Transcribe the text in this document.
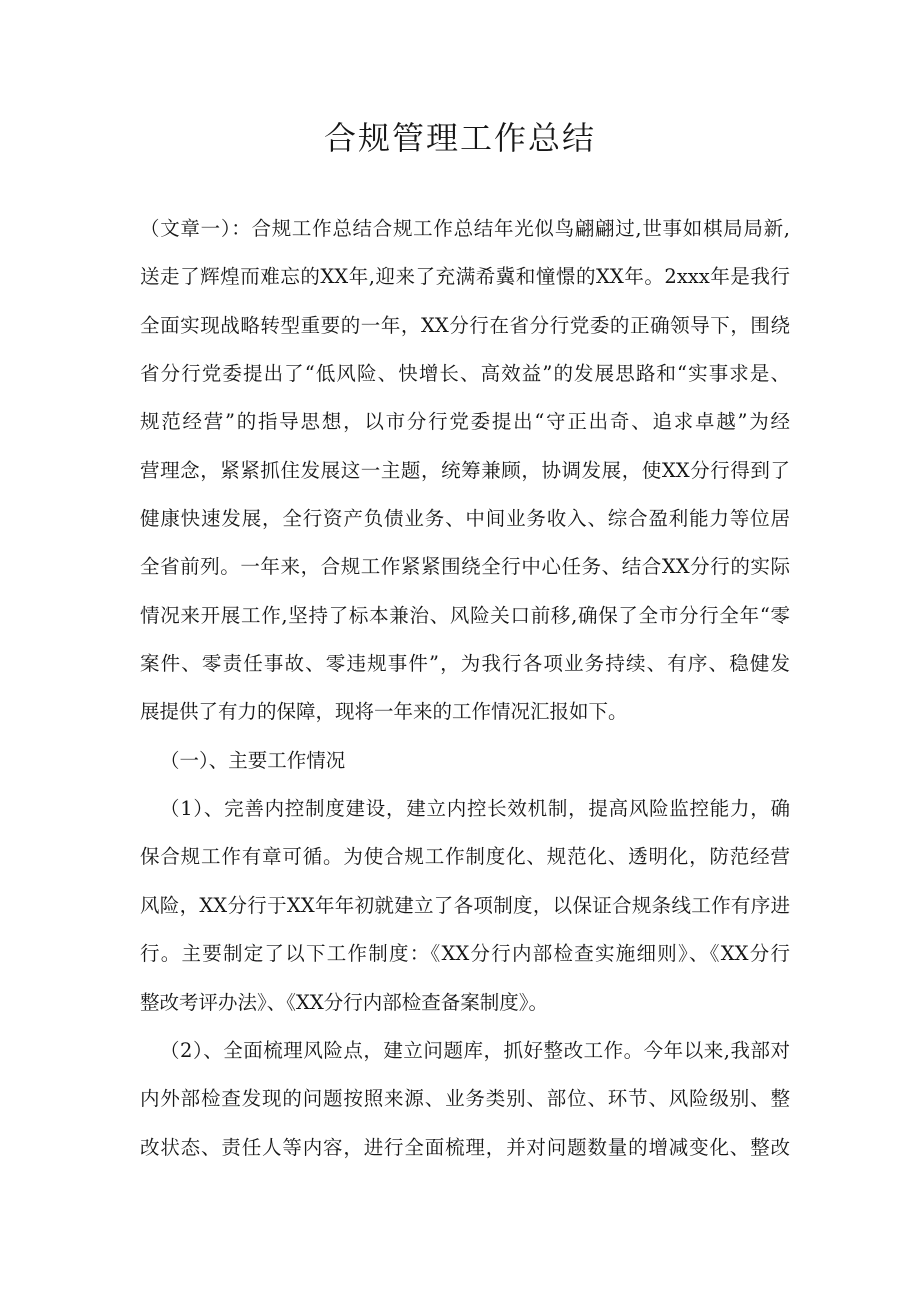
合规管理工作总结
（文章一）：合规工作总结合规工作总结年光似鸟翩翩过,世事如棋局局新,
送走了辉煌而难忘的XX年,迎来了充满希冀和憧憬的XX年。2xxx年是我行
全面实现战略转型重要的一年，XX分行在省分行党委的正确领导下，围绕
省分行党委提出了“低风险、快增长、高效益”的发展思路和“实事求是、
规范经营”的指导思想，以市分行党委提出“守正出奇、追求卓越”为经
营理念，紧紧抓住发展这一主题，统筹兼顾，协调发展，使XX分行得到了
健康快速发展，全行资产负债业务、中间业务收入、综合盈利能力等位居
全省前列。一年来，合规工作紧紧围绕全行中心任务、结合XX分行的实际
情况来开展工作,坚持了标本兼治、风险关口前移,确保了全市分行全年“零
案件、零责任事故、零违规事件”，为我行各项业务持续、有序、稳健发
展提供了有力的保障，现将一年来的工作情况汇报如下。
（一）、主要工作情况
（1）、完善内控制度建设，建立内控长效机制，提高风险监控能力，确
保合规工作有章可循。为使合规工作制度化、规范化、透明化，防范经营
风险，XX分行于XX年年初就建立了各项制度，以保证合规条线工作有序进
行。主要制定了以下工作制度：《XX分行内部检查实施细则》、《XX分行
整改考评办法》、《XX分行内部检查备案制度》。
（2）、全面梳理风险点，建立问题库，抓好整改工作。今年以来,我部对
内外部检查发现的问题按照来源、业务类别、部位、环节、风险级别、整
改状态、责任人等内容，进行全面梳理，并对问题数量的增减变化、整改
